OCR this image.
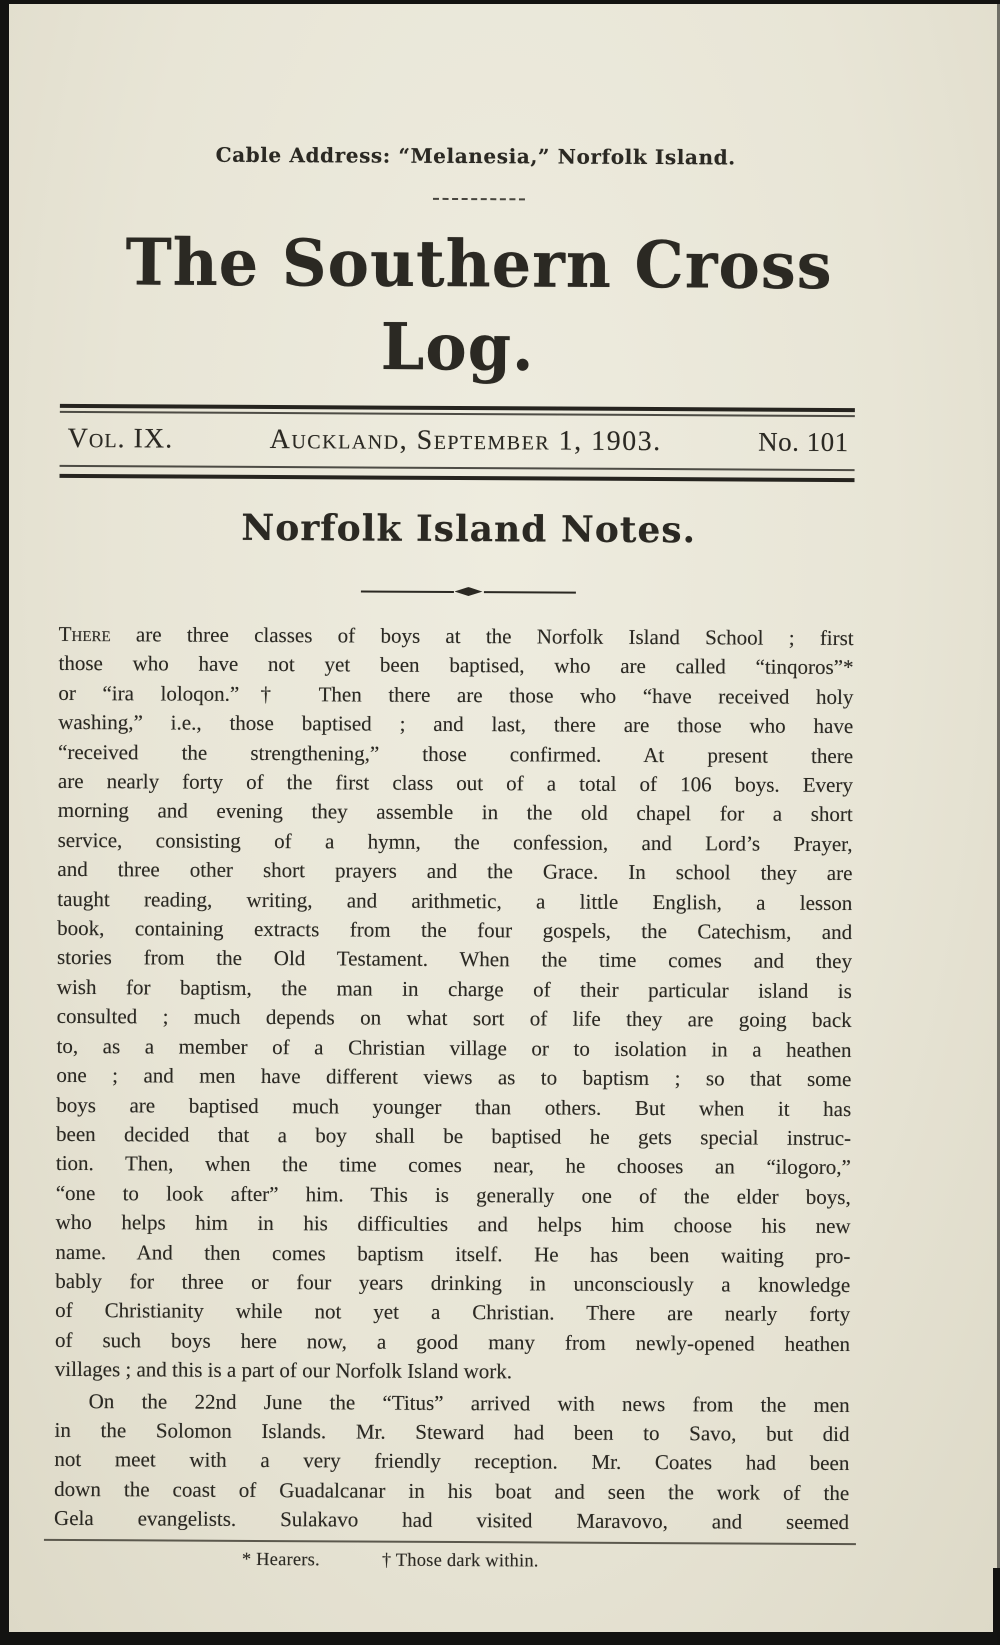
Cable Address: “Melanesia,” Norfolk Island.
The Southern Cross Log.
Vol. IX.	Auckland, September 1, 1903.	No. 101
Norfolk Island Notes.
There are three classes of boys at the Norfolk Island School ; first
those who have not yet been baptised, who are called “tinqoros”*
or “ira loloqon.”† Then there are those who “have received holy
washing,” i.e., those baptised ; and last, there are those who have
“received the strengthening,” those confirmed. At present there
are nearly forty of the first class out of a total of 106 boys. Every
morning and evening they assemble in the old chapel for a short
service, consisting of a hymn, the confession, and Lord’s Prayer,
and three other short prayers and the Grace. In school they are
taught reading, writing, and arithmetic, a little English, a lesson
book, containing extracts from the four gospels, the Catechism, and
stories from the Old Testament. When the time comes and they
wish for baptism, the man in charge of their particular island is
consulted ; much depends on what sort of life they are going back
to, as a member of a Christian village or to isolation in a heathen
one ; and men have different views as to baptism ; so that some
boys are baptised much younger than others. But when it has
been decided that a boy shall be baptised he gets special instruc-
tion. Then, when the time comes near, he chooses an “ilogoro,”
“one to look after” him. This is generally one of the elder boys,
who helps him in his difficulties and helps him choose his new
name. And then comes baptism itself. He has been waiting pro-
bably for three or four years drinking in unconsciously a knowledge
of Christianity while not yet a Christian. There are nearly forty
of such boys here now, a good many from newly-opened heathen
villages ; and this is a part of our Norfolk Island work.
On the 22nd June the “Titus” arrived with news from the men
in the Solomon Islands. Mr. Steward had been to Savo, but did
not meet with a very friendly reception. Mr. Coates had been
down the coast of Guadalcanar in his boat and seen the work of the
Gela evangelists. Sulakavo had visited Maravovo, and seemed
* Hearers.	† Those dark within.
